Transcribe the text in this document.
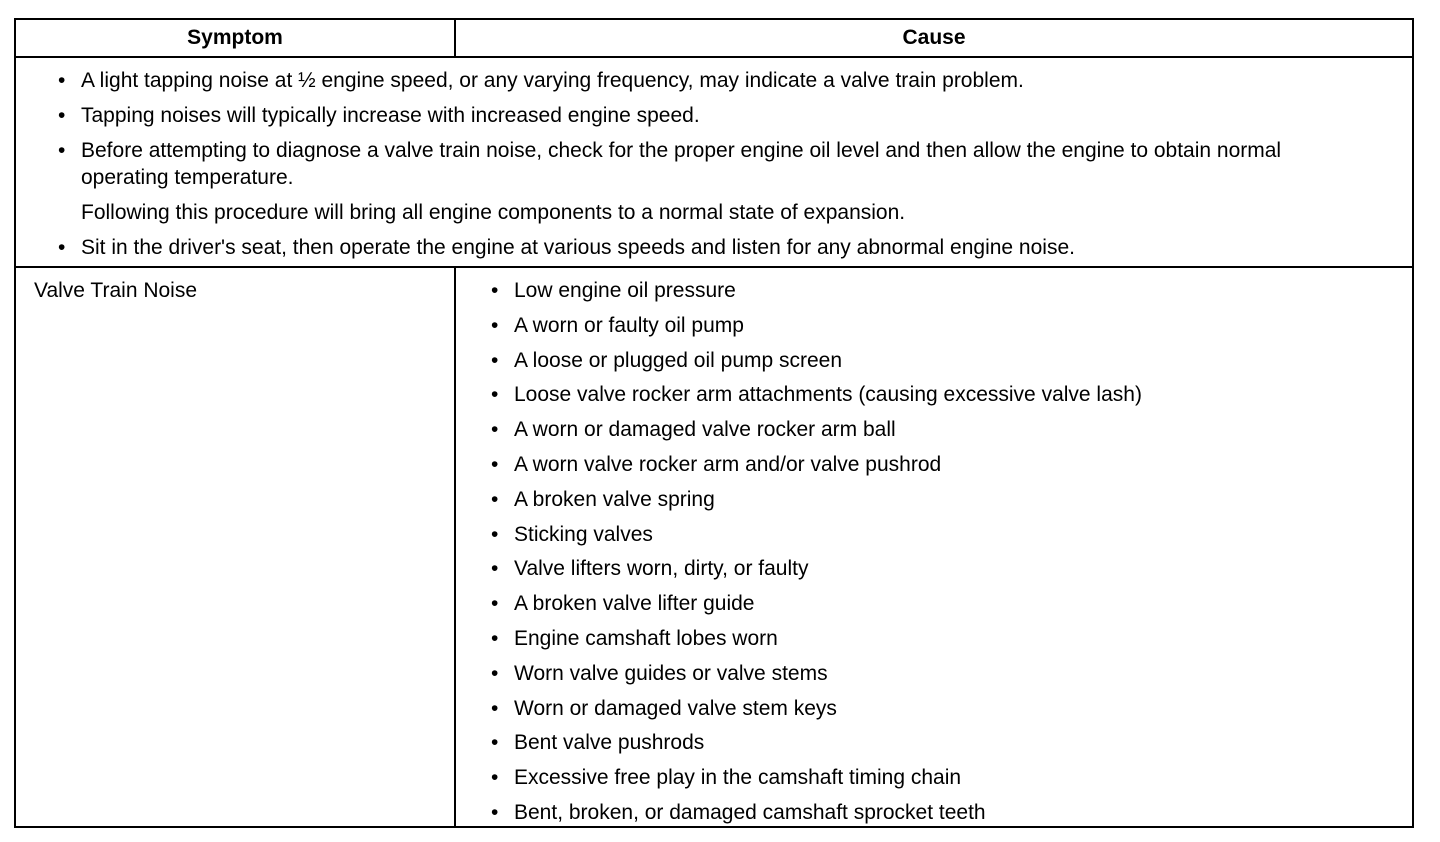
Symptom	Cause
• A light tapping noise at ½ engine speed, or any varying frequency, may indicate a valve train problem.
• Tapping noises will typically increase with increased engine speed.
• Before attempting to diagnose a valve train noise, check for the proper engine oil level and then allow the engine to obtain normal operating temperature.
Following this procedure will bring all engine components to a normal state of expansion.
• Sit in the driver's seat, then operate the engine at various speeds and listen for any abnormal engine noise.
Valve Train Noise	• Low engine oil pressure
• A worn or faulty oil pump
• A loose or plugged oil pump screen
• Loose valve rocker arm attachments (causing excessive valve lash)
• A worn or damaged valve rocker arm ball
• A worn valve rocker arm and/or valve pushrod
• A broken valve spring
• Sticking valves
• Valve lifters worn, dirty, or faulty
• A broken valve lifter guide
• Engine camshaft lobes worn
• Worn valve guides or valve stems
• Worn or damaged valve stem keys
• Bent valve pushrods
• Excessive free play in the camshaft timing chain
• Bent, broken, or damaged camshaft sprocket teeth
